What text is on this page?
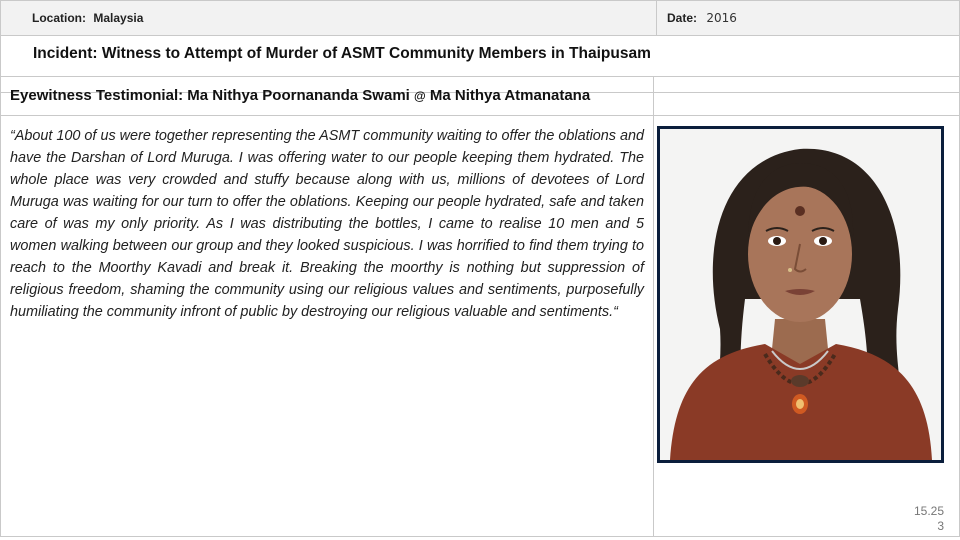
Location: Malaysia	Date: 2016
Incident: Witness to Attempt of Murder of ASMT Community Members in Thaipusam
Eyewitness Testimonial: Ma Nithya Poornananda Swami @ Ma Nithya Atmanatana
“About 100 of us were together representing the ASMT community waiting to offer the oblations and have the Darshan of Lord Muruga. I was offering water to our people keeping them hydrated. The whole place was very crowded and stuffy because along with us, millions of devotees of Lord Muruga was waiting for our turn to offer the oblations. Keeping our people hydrated, safe and taken care of was my only priority. As I was distributing the bottles, I came to realise 10 men and 5 women walking between our group and they looked suspicious. I was horrified to find them trying to reach to the Moorthy Kavadi and break it. Breaking the moorthy is nothing but suppression of religious freedom, shaming the community using our religious values and sentiments, purposefully humiliating the community infront of public by destroying our religious valuable and sentiments.“
15.25
3
